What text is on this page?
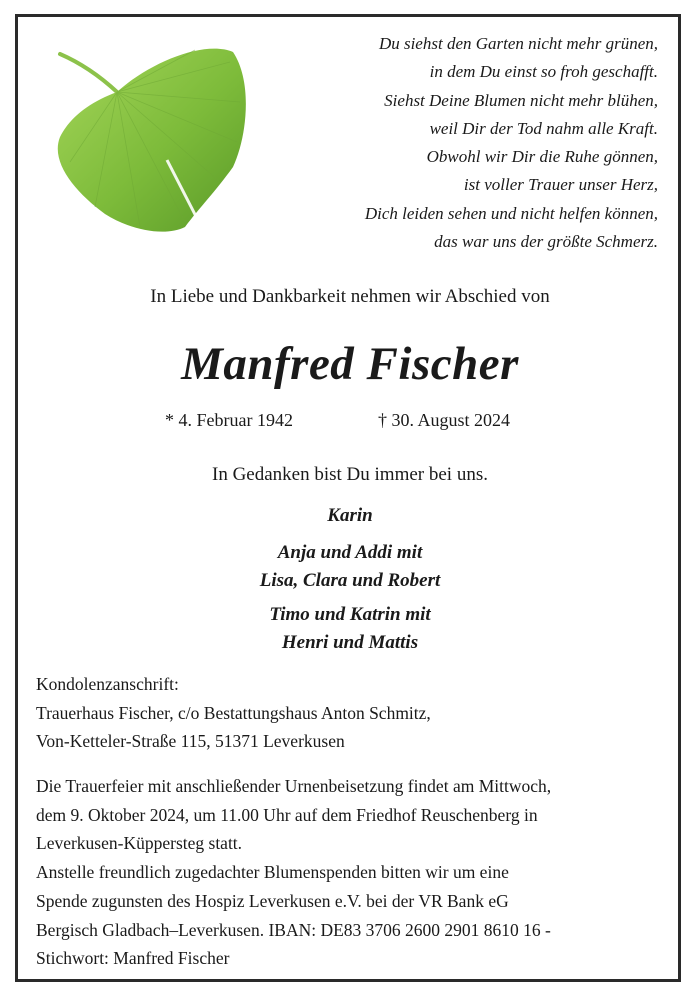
Du siehst den Garten nicht mehr grünen,
in dem Du einst so froh geschafft.
Siehst Deine Blumen nicht mehr blühen,
weil Dir der Tod nahm alle Kraft.
Obwohl wir Dir die Ruhe gönnen,
ist voller Trauer unser Herz,
Dich leiden sehen und nicht helfen können,
das war uns der größte Schmerz.
In Liebe und Dankbarkeit nehmen wir Abschied von
Manfred Fischer
* 4. Februar 1942	† 30. August 2024
In Gedanken bist Du immer bei uns.
Karin
Anja und Addi mit
Lisa, Clara und Robert
Timo und Katrin mit
Henri und Mattis
Kondolenzanschrift:
Trauerhaus Fischer, c/o Bestattungshaus Anton Schmitz,
Von-Ketteler-Straße 115, 51371 Leverkusen
Die Trauerfeier mit anschließender Urnenbeisetzung findet am Mittwoch,
dem 9. Oktober 2024, um 11.00 Uhr auf dem Friedhof Reuschenberg in
Leverkusen-Küppersteg statt.
Anstelle freundlich zugedachter Blumenspenden bitten wir um eine
Spende zugunsten des Hospiz Leverkusen e.V. bei der VR Bank eG
Bergisch Gladbach–Leverkusen. IBAN: DE83 3706 2600 2901 8610 16 -
Stichwort: Manfred Fischer
